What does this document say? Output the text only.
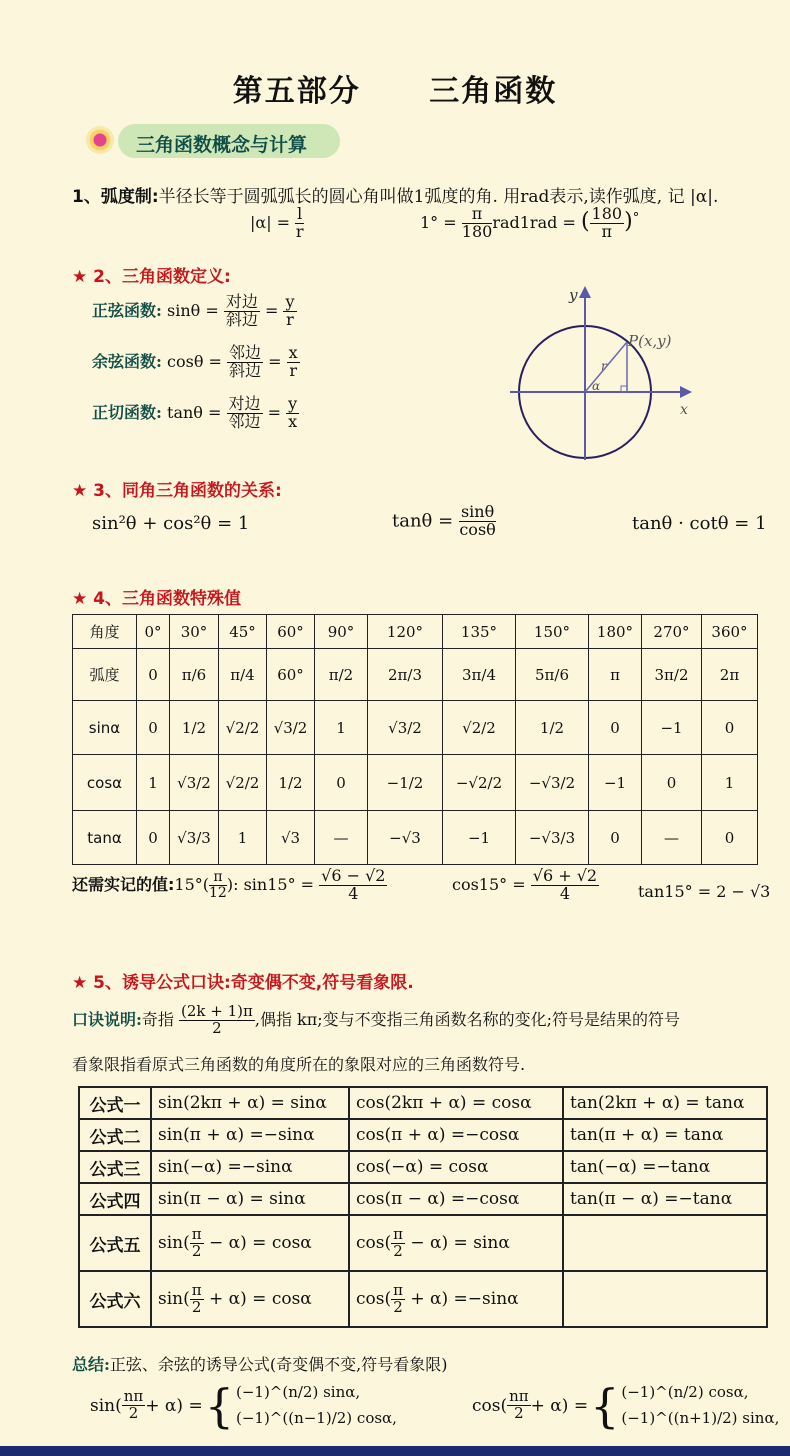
第五部分 三角函数
三角函数概念与计算
1、弧度制:半径长等于圆弧弧长的圆心角叫做1弧度的角. 用rad表示,读作弧度, 记 |α|.
$|\alpha| = \frac{l}{r}$	$1^\circ = \frac{\pi}{180} rad1rad$ = ( $\frac{180}{\pi} )^\circ$
★ 2、三角函数定义:
正弦函数: $\sin\theta = \frac{\text{对边}}{\text{斜边}} = \frac{y}{r}$
余弦函数: $\cos\theta = \frac{\text{邻边}}{\text{斜边}} = \frac{x}{r}$
正切函数: $\tan\theta = \frac{\text{对边}}{\text{邻边}} = \frac{y}{x}$
y
x
P(x,y)
r
α
★ 3、同角三角函数的关系:
sin²θ + cos²θ = 1	$\tan\theta = \frac{\sin\theta}{\cos\theta}$	tanθ · cotθ = 1
★ 4、三角函数特殊值
角度	0°	30°	45°	60°	90°	120°	135°	150°	180°	270°	360°
弧度	0	π/6	π/4	60°	π/2	2π/3	3π/4	5π/6	π	3π/2	2π
sinα	0	1/2	√2/2	√3/2	1	√3/2	√2/2	1/2	0	−1	0
cosα	1	√3/2	√2/2	1/2	0	−1/2	−√2/2	−√3/2	−1	0	1
tanα	0	√3/3	1	√3	—	−√3	−1	−√3/3	0	—	0
还需实记的值:15°( $\frac{\pi}{12}$ ): $\sin 15^\circ = \frac{√6 - √2}{4}$	$\cos 15^\circ = \frac{√6 + √2}{4} \tan 15^\circ = 2 - √3$
★ 5、诱导公式口诀:奇变偶不变,符号看象限.
口诀说明:奇指 $\frac{(2k + 1)\pi}{2}$ ,偶指 kπ;变与不变指三角函数名称的变化;符号是结果的符号
看象限指看原式三角函数的角度所在的象限对应的三角函数符号.
公式一	sin(2kπ + α) = sinα	cos(2kπ + α) = cosα	tan(2kπ + α) = tanα
公式二	sin(π + α) =−sinα	cos(π + α) =−cosα	tan(π + α) = tanα
公式三	sin(−α) =−sinα	cos(−α) = cosα	tan(−α) =−tanα
公式四	sin(π − α) = sinα	cos(π − α) =−cosα	tan(π − α) =−tanα
公式五	$\sin( \frac{\pi}{2} - \alpha) = \cos\alpha$	$\cos( \frac{\pi}{2} - \alpha) = \sin\alpha$	
公式六	$\sin( \frac{\pi}{2} + \alpha) = \cos\alpha$	$\cos( \frac{\pi}{2} + \alpha) =-\sin\alpha$	
总结:正弦、余弦的诱导公式(奇变偶不变,符号看象限)
$\sin( \frac{n\pi}{2} + \alpha)$ = { (−1)^(n/2) sinα,
(−1)^((n−1)/2) cosα,
$\cos( \frac{n\pi}{2} + \alpha)$ = { (−1)^(n/2) cosα,
(−1)^((n+1)/2) sinα,
